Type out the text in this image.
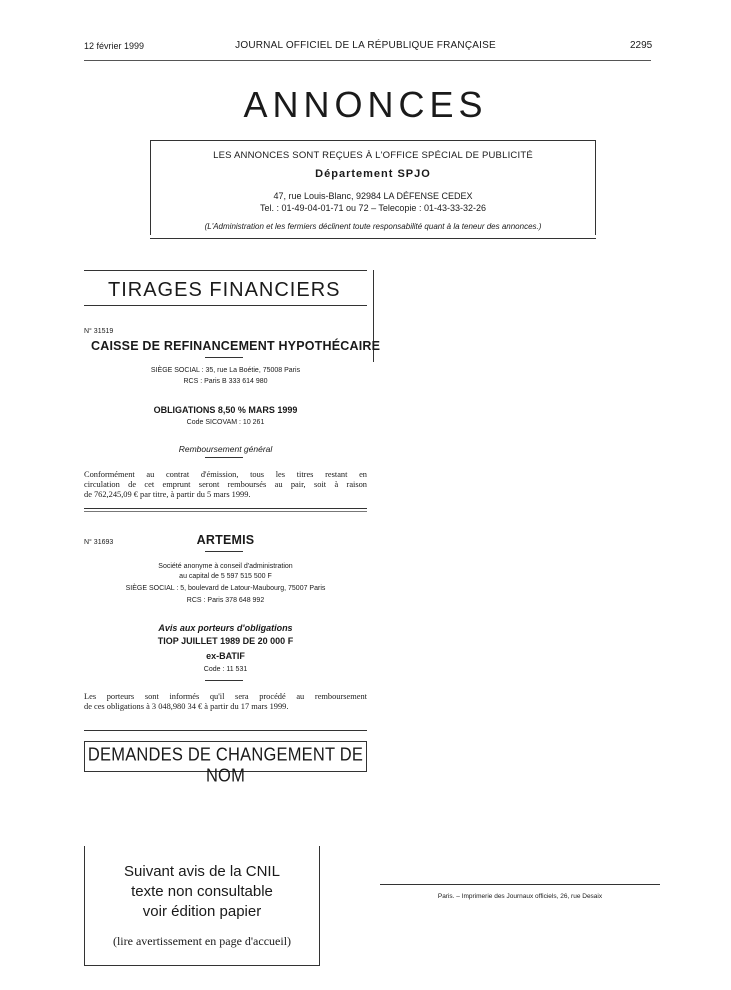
12 février 1999	JOURNAL OFFICIEL DE LA RÉPUBLIQUE FRANÇAISE	2295
ANNONCES
LES ANNONCES SONT REÇUES À L'OFFICE SPÉCIAL DE PUBLICITÉ
Département SPJO
47, rue Louis-Blanc, 92984 LA DÉFENSE CEDEX
Tel. : 01-49-04-01-71 ou 72 – Telecopie : 01-43-33-32-26
(L'Administration et les fermiers déclinent toute responsabilité quant à la teneur des annonces.)
TIRAGES FINANCIERS
N° 31519
CAISSE DE REFINANCEMENT HYPOTHÉCAIRE
SIÈGE SOCIAL : 35, rue La Boétie, 75008 Paris
RCS : Paris B 333 614 980
OBLIGATIONS 8,50 % MARS 1999
Code SICOVAM : 10 261
Remboursement général
Conformément au contrat d'émission, tous les titres restant en
circulation de cet emprunt seront remboursés au pair, soit à raison
de 762,245,09 € par titre, à partir du 5 mars 1999.
N° 31693	ARTEMIS
Société anonyme à conseil d'administration
au capital de 5 597 515 500 F
SIÈGE SOCIAL : 5, boulevard de Latour-Maubourg, 75007 Paris
RCS : Paris 378 648 992
Avis aux porteurs d'obligations
TIOP JUILLET 1989 DE 20 000 F
ex-BATIF
Code : 11 531
Les porteurs sont informés qu'il sera procédé au remboursement
de ces obligations à 3 048,980 34 € à partir du 17 mars 1999.
DEMANDES DE CHANGEMENT DE NOM
Suivant avis de la CNIL
texte non consultable
voir édition papier
(lire avertissement en page d'accueil)
Paris. – Imprimerie des Journaux officiels, 26, rue Desaix
